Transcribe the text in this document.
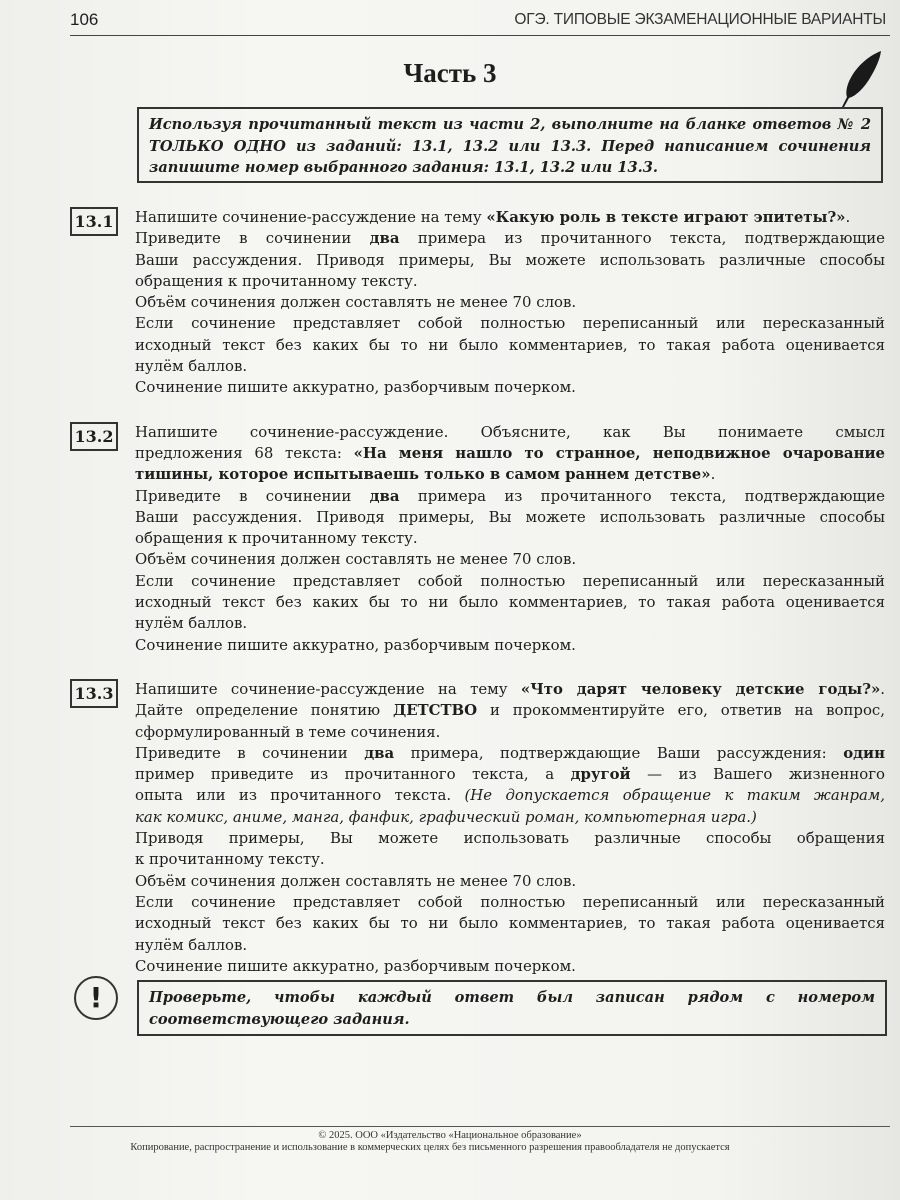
106	ОГЭ. ТИПОВЫЕ ЭКЗАМЕНАЦИОННЫЕ ВАРИАНТЫ
Часть 3
Используя прочитанный текст из части 2, выполните на бланке ответов № 2
ТОЛЬКО ОДНО из заданий: 13.1, 13.2 или 13.3. Перед написанием сочинения
запишите номер выбранного задания: 13.1, 13.2 или 13.3.
13.1	Напишите сочинение-рассуждение на тему «Какую роль в тексте играют эпитеты?».
Приведите в сочинении два примера из прочитанного текста, подтверждающие
Ваши рассуждения. Приводя примеры, Вы можете использовать различные способы
обращения к прочитанному тексту.
Объём сочинения должен составлять не менее 70 слов.
Если сочинение представляет собой полностью переписанный или пересказанный
исходный текст без каких бы то ни было комментариев, то такая работа оценивается
нулём баллов.
Сочинение пишите аккуратно, разборчивым почерком.
13.2	Напишите сочинение-рассуждение. Объясните, как Вы понимаете смысл
предложения 68 текста: «На меня нашло то странное, неподвижное очарование
тишины, которое испытываешь только в самом раннем детстве».
Приведите в сочинении два примера из прочитанного текста, подтверждающие
Ваши рассуждения. Приводя примеры, Вы можете использовать различные способы
обращения к прочитанному тексту.
Объём сочинения должен составлять не менее 70 слов.
Если сочинение представляет собой полностью переписанный или пересказанный
исходный текст без каких бы то ни было комментариев, то такая работа оценивается
нулём баллов.
Сочинение пишите аккуратно, разборчивым почерком.
13.3	Напишите сочинение-рассуждение на тему «Что дарят человеку детские годы?».
Дайте определение понятию ДЕТСТВО и прокомментируйте его, ответив на вопрос,
сформулированный в теме сочинения.
Приведите в сочинении два примера, подтверждающие Ваши рассуждения: один
пример приведите из прочитанного текста, а другой — из Вашего жизненного
опыта или из прочитанного текста. (Не допускается обращение к таким жанрам,
как комикс, аниме, манга, фанфик, графический роман, компьютерная игра.)
Приводя примеры, Вы можете использовать различные способы обращения
к прочитанному тексту.
Объём сочинения должен составлять не менее 70 слов.
Если сочинение представляет собой полностью переписанный или пересказанный
исходный текст без каких бы то ни было комментариев, то такая работа оценивается
нулём баллов.
Сочинение пишите аккуратно, разборчивым почерком.
!	Проверьте, чтобы каждый ответ был записан рядом с номером
соответствующего задания.
© 2025. ООО «Издательство «Национальное образование»
Копирование, распространение и использование в коммерческих целях без письменного разрешения правообладателя не допускается
